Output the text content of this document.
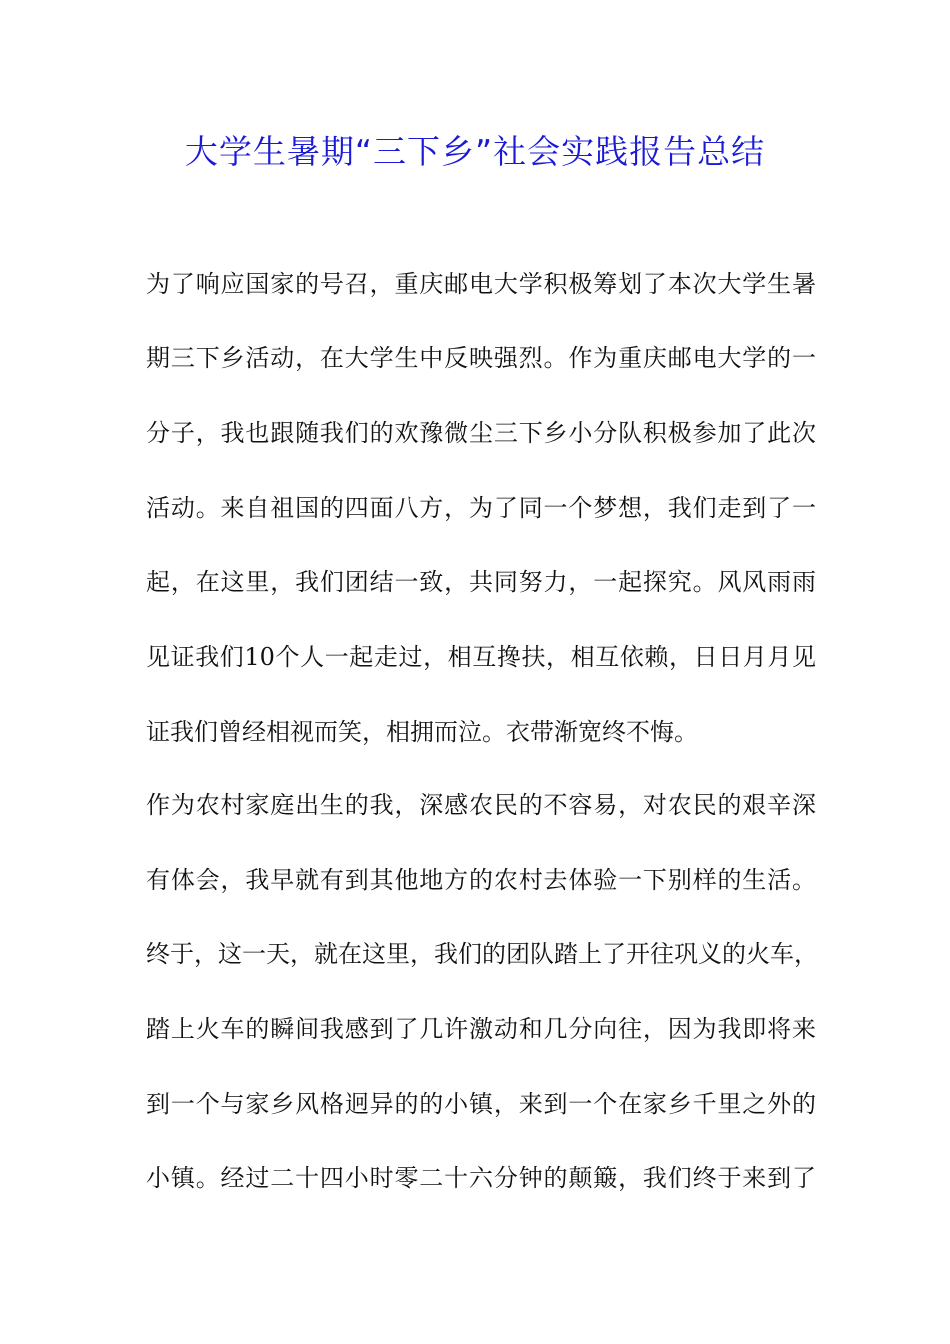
大学生暑期“三下乡”社会实践报告总结
为了响应国家的号召，重庆邮电大学积极筹划了本次大学生暑
期三下乡活动，在大学生中反映强烈。作为重庆邮电大学的一
分子，我也跟随我们的欢豫微尘三下乡小分队积极参加了此次
活动。来自祖国的四面八方，为了同一个梦想，我们走到了一
起，在这里，我们团结一致，共同努力，一起探究。风风雨雨
见证我们10个人一起走过，相互搀扶，相互依赖，日日月月见
证我们曾经相视而笑，相拥而泣。衣带渐宽终不悔。
作为农村家庭出生的我，深感农民的不容易，对农民的艰辛深
有体会，我早就有到其他地方的农村去体验一下别样的生活。
终于，这一天，就在这里，我们的团队踏上了开往巩义的火车，
踏上火车的瞬间我感到了几许激动和几分向往，因为我即将来
到一个与家乡风格迥异的的小镇，来到一个在家乡千里之外的
小镇。经过二十四小时零二十六分钟的颠簸，我们终于来到了
